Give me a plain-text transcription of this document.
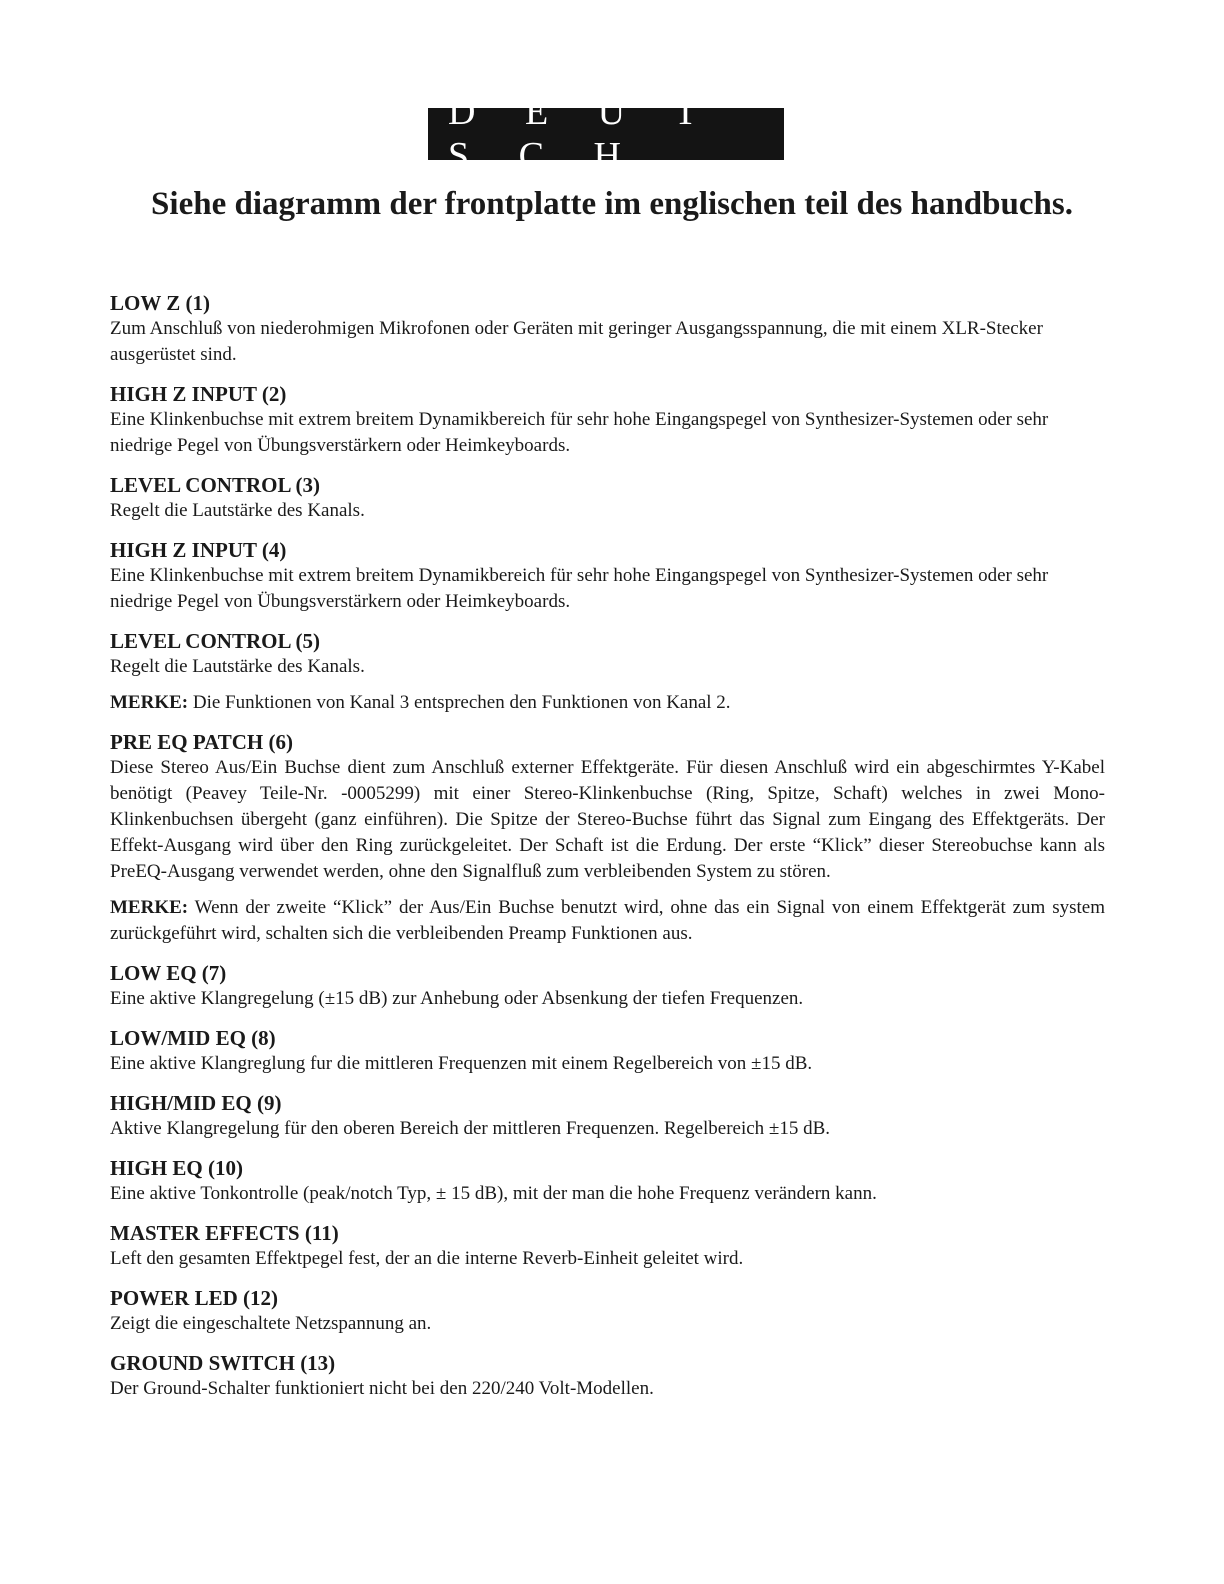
D E U T S C H
Siehe diagramm der frontplatte im englischen teil des handbuchs.
LOW Z (1)
Zum Anschluß von niederohmigen Mikrofonen oder Geräten mit geringer Ausgangsspannung, die mit einem XLR-Stecker ausgerüstet sind.
HIGH Z INPUT (2)
Eine Klinkenbuchse mit extrem breitem Dynamikbereich für sehr hohe Eingangspegel von Synthesizer-Systemen oder sehr niedrige Pegel von Übungsverstärkern oder Heimkeyboards.
LEVEL CONTROL (3)
Regelt die Lautstärke des Kanals.
HIGH Z INPUT (4)
Eine Klinkenbuchse mit extrem breitem Dynamikbereich für sehr hohe Eingangspegel von Synthesizer-Systemen oder sehr niedrige Pegel von Übungsverstärkern oder Heimkeyboards.
LEVEL CONTROL (5)
Regelt die Lautstärke des Kanals.
MERKE: Die Funktionen von Kanal 3 entsprechen den Funktionen von Kanal 2.
PRE EQ PATCH (6)
Diese Stereo Aus/Ein Buchse dient zum Anschluß externer Effektgeräte. Für diesen Anschluß wird ein abgeschirmtes Y-Kabel benötigt (Peavey Teile-Nr. -0005299) mit einer Stereo-Klinkenbuchse (Ring, Spitze, Schaft) welches in zwei Mono-Klinkenbuchsen übergeht (ganz einführen). Die Spitze der Stereo-Buchse führt das Signal zum Eingang des Effektgeräts. Der Effekt-Ausgang wird über den Ring zurückgeleitet. Der Schaft ist die Erdung. Der erste “Klick” dieser Stereobuchse kann als PreEQ-Ausgang verwendet werden, ohne den Signalfluß zum verbleibenden System zu stören.
MERKE: Wenn der zweite “Klick” der Aus/Ein Buchse benutzt wird, ohne das ein Signal von einem Effektgerät zum system zurückgeführt wird, schalten sich die verbleibenden Preamp Funktionen aus.
LOW EQ (7)
Eine aktive Klangregelung (±15 dB) zur Anhebung oder Absenkung der tiefen Frequenzen.
LOW/MID EQ (8)
Eine aktive Klangreglung fur die mittleren Frequenzen mit einem Regelbereich von ±15 dB.
HIGH/MID EQ (9)
Aktive Klangregelung für den oberen Bereich der mittleren Frequenzen. Regelbereich ±15 dB.
HIGH EQ (10)
Eine aktive Tonkontrolle (peak/notch Typ, ± 15 dB), mit der man die hohe Frequenz verändern kann.
MASTER EFFECTS (11)
Left den gesamten Effektpegel fest, der an die interne Reverb-Einheit geleitet wird.
POWER LED (12)
Zeigt die eingeschaltete Netzspannung an.
GROUND SWITCH (13)
Der Ground-Schalter funktioniert nicht bei den 220/240 Volt-Modellen.
